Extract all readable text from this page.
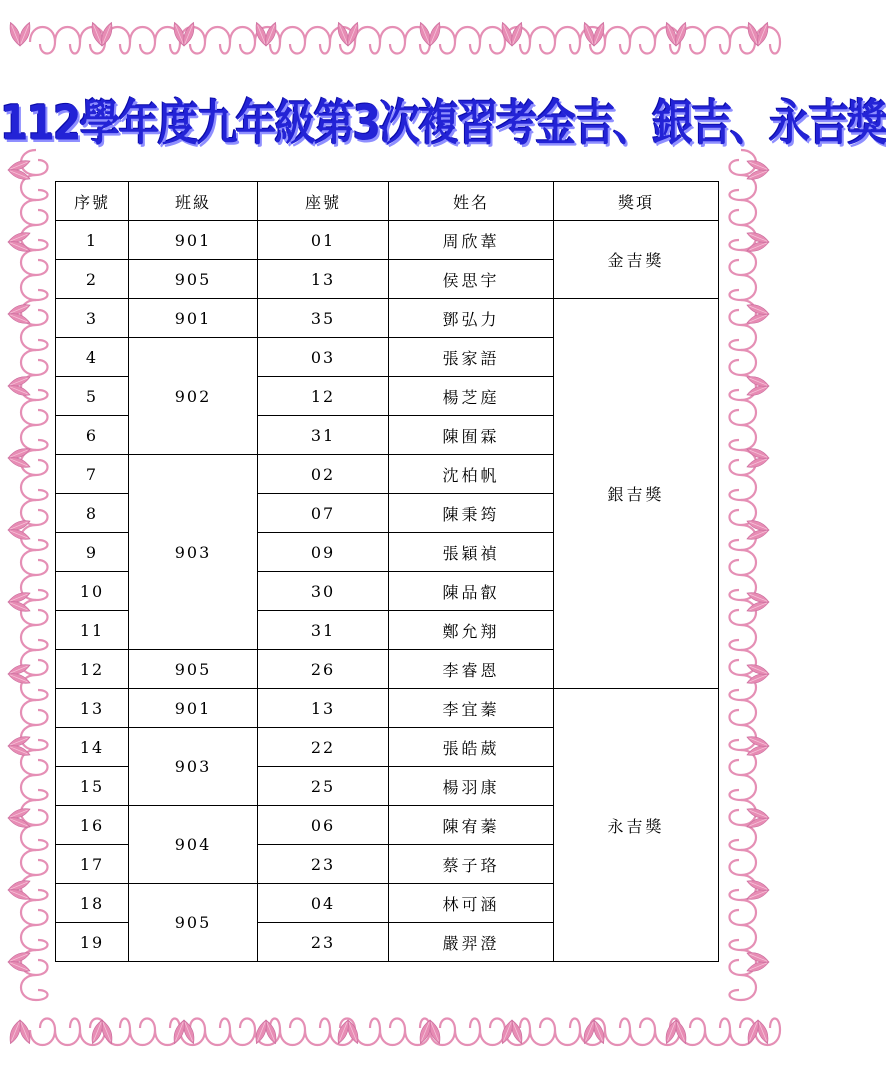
112學年度九年級第3次複習考金吉、銀吉、永吉獎
序號	班級	座號	姓名	獎項
1	901	01	周欣葦	金吉獎
2	905	13	侯思宇	
3	901	35	鄧弘力	銀吉獎
4	902	03	張家語	
5		12	楊芝庭	
6		31	陳囿霖	
7	903	02	沈柏帆	
8		07	陳秉筠	
9		09	張穎禎	
10		30	陳品叡	
11		31	鄭允翔	
12	905	26	李睿恩	
13	901	13	李宜蓁	永吉獎
14	903	22	張皓葳	
15		25	楊羽康	
16	904	06	陳宥蓁	
17		23	蔡子珞	
18	905	04	林可涵	
19		23	嚴羿澄	
